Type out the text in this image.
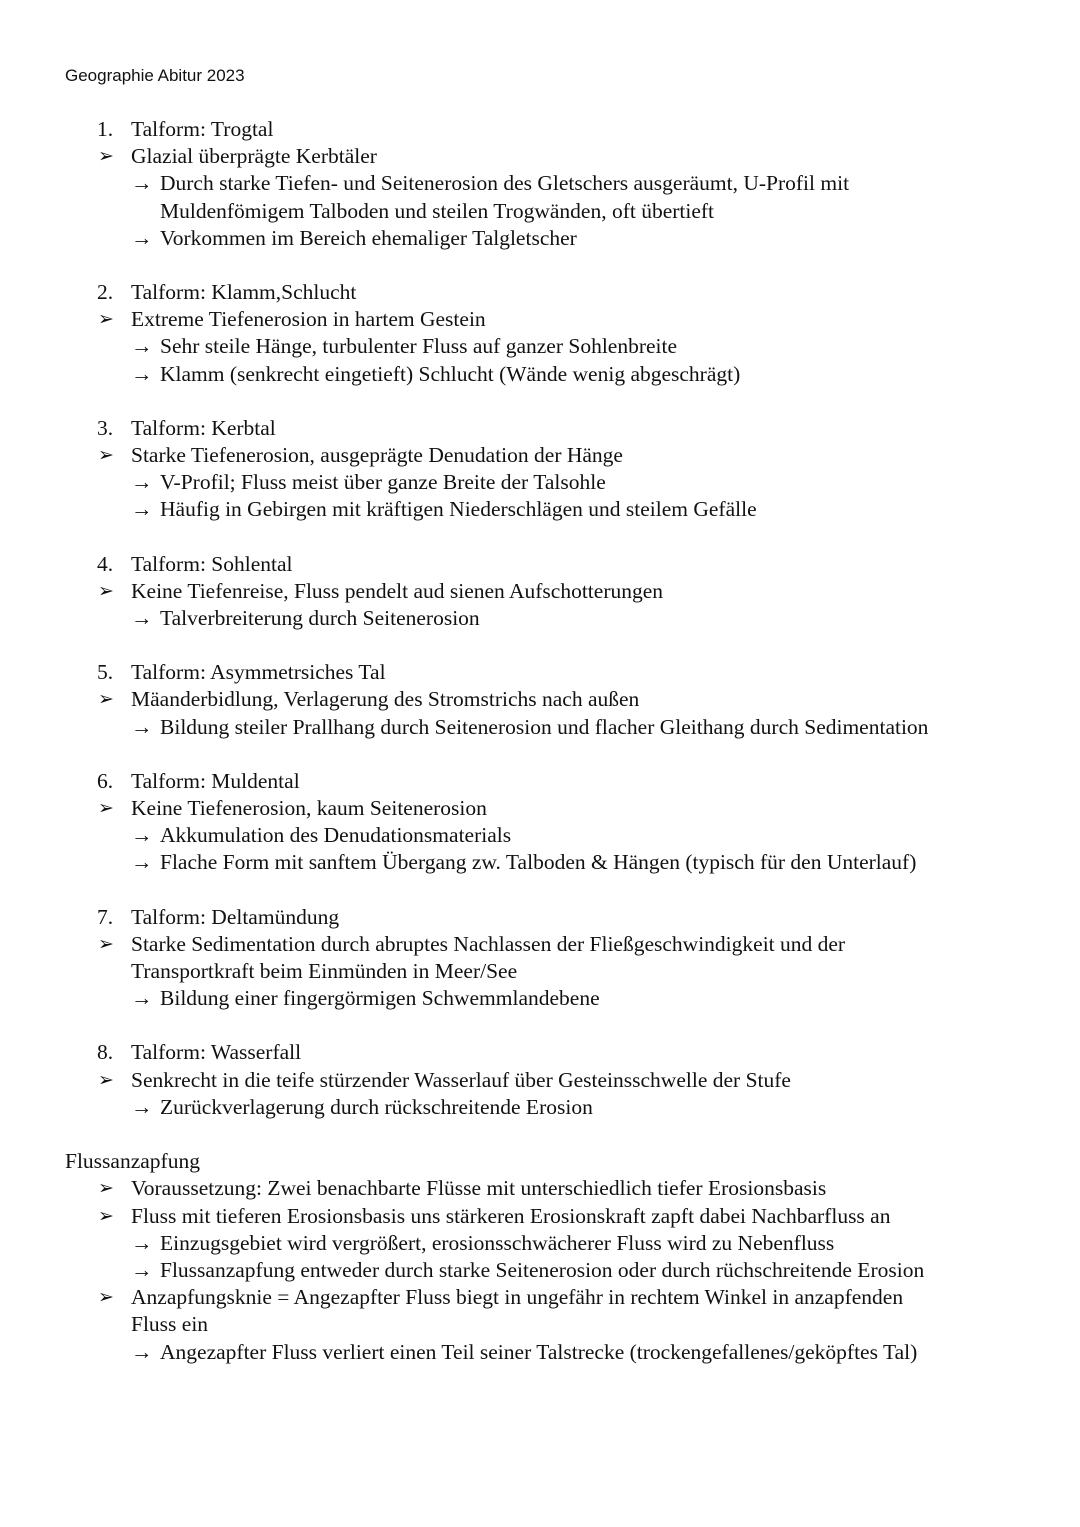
Geographie Abitur 2023
1. Talform: Trogtal
➢ Glazial überprägte Kerbtäler
→ Durch starke Tiefen- und Seitenerosion des Gletschers ausgeräumt, U-Profil mit
Muldenfömigem Talboden und steilen Trogwänden, oft übertieft
→ Vorkommen im Bereich ehemaliger Talgletscher
2. Talform: Klamm,Schlucht
➢ Extreme Tiefenerosion in hartem Gestein
→ Sehr steile Hänge, turbulenter Fluss auf ganzer Sohlenbreite
→ Klamm (senkrecht eingetieft) Schlucht (Wände wenig abgeschrägt)
3. Talform: Kerbtal
➢ Starke Tiefenerosion, ausgeprägte Denudation der Hänge
→ V-Profil; Fluss meist über ganze Breite der Talsohle
→ Häufig in Gebirgen mit kräftigen Niederschlägen und steilem Gefälle
4. Talform: Sohlental
➢ Keine Tiefenreise, Fluss pendelt aud sienen Aufschotterungen
→ Talverbreiterung durch Seitenerosion
5. Talform: Asymmetrsiches Tal
➢ Mäanderbidlung, Verlagerung des Stromstrichs nach außen
→ Bildung steiler Prallhang durch Seitenerosion und flacher Gleithang durch Sedimentation
6. Talform: Muldental
➢ Keine Tiefenerosion, kaum Seitenerosion
→ Akkumulation des Denudationsmaterials
→ Flache Form mit sanftem Übergang zw. Talboden & Hängen (typisch für den Unterlauf)
7. Talform: Deltamündung
➢ Starke Sedimentation durch abruptes Nachlassen der Fließgeschwindigkeit und der
Transportkraft beim Einmünden in Meer/See
→ Bildung einer fingergörmigen Schwemmlandebene
8. Talform: Wasserfall
➢ Senkrecht in die teife stürzender Wasserlauf über Gesteinsschwelle der Stufe
→ Zurückverlagerung durch rückschreitende Erosion
Flussanzapfung
➢ Voraussetzung: Zwei benachbarte Flüsse mit unterschiedlich tiefer Erosionsbasis
➢ Fluss mit tieferen Erosionsbasis uns stärkeren Erosionskraft zapft dabei Nachbarfluss an
→ Einzugsgebiet wird vergrößert, erosionsschwächerer Fluss wird zu Nebenfluss
→ Flussanzapfung entweder durch starke Seitenerosion oder durch rüchschreitende Erosion
➢ Anzapfungsknie = Angezapfter Fluss biegt in ungefähr in rechtem Winkel in anzapfenden
Fluss ein
→ Angezapfter Fluss verliert einen Teil seiner Talstrecke (trockengefallenes/geköpftes Tal)
